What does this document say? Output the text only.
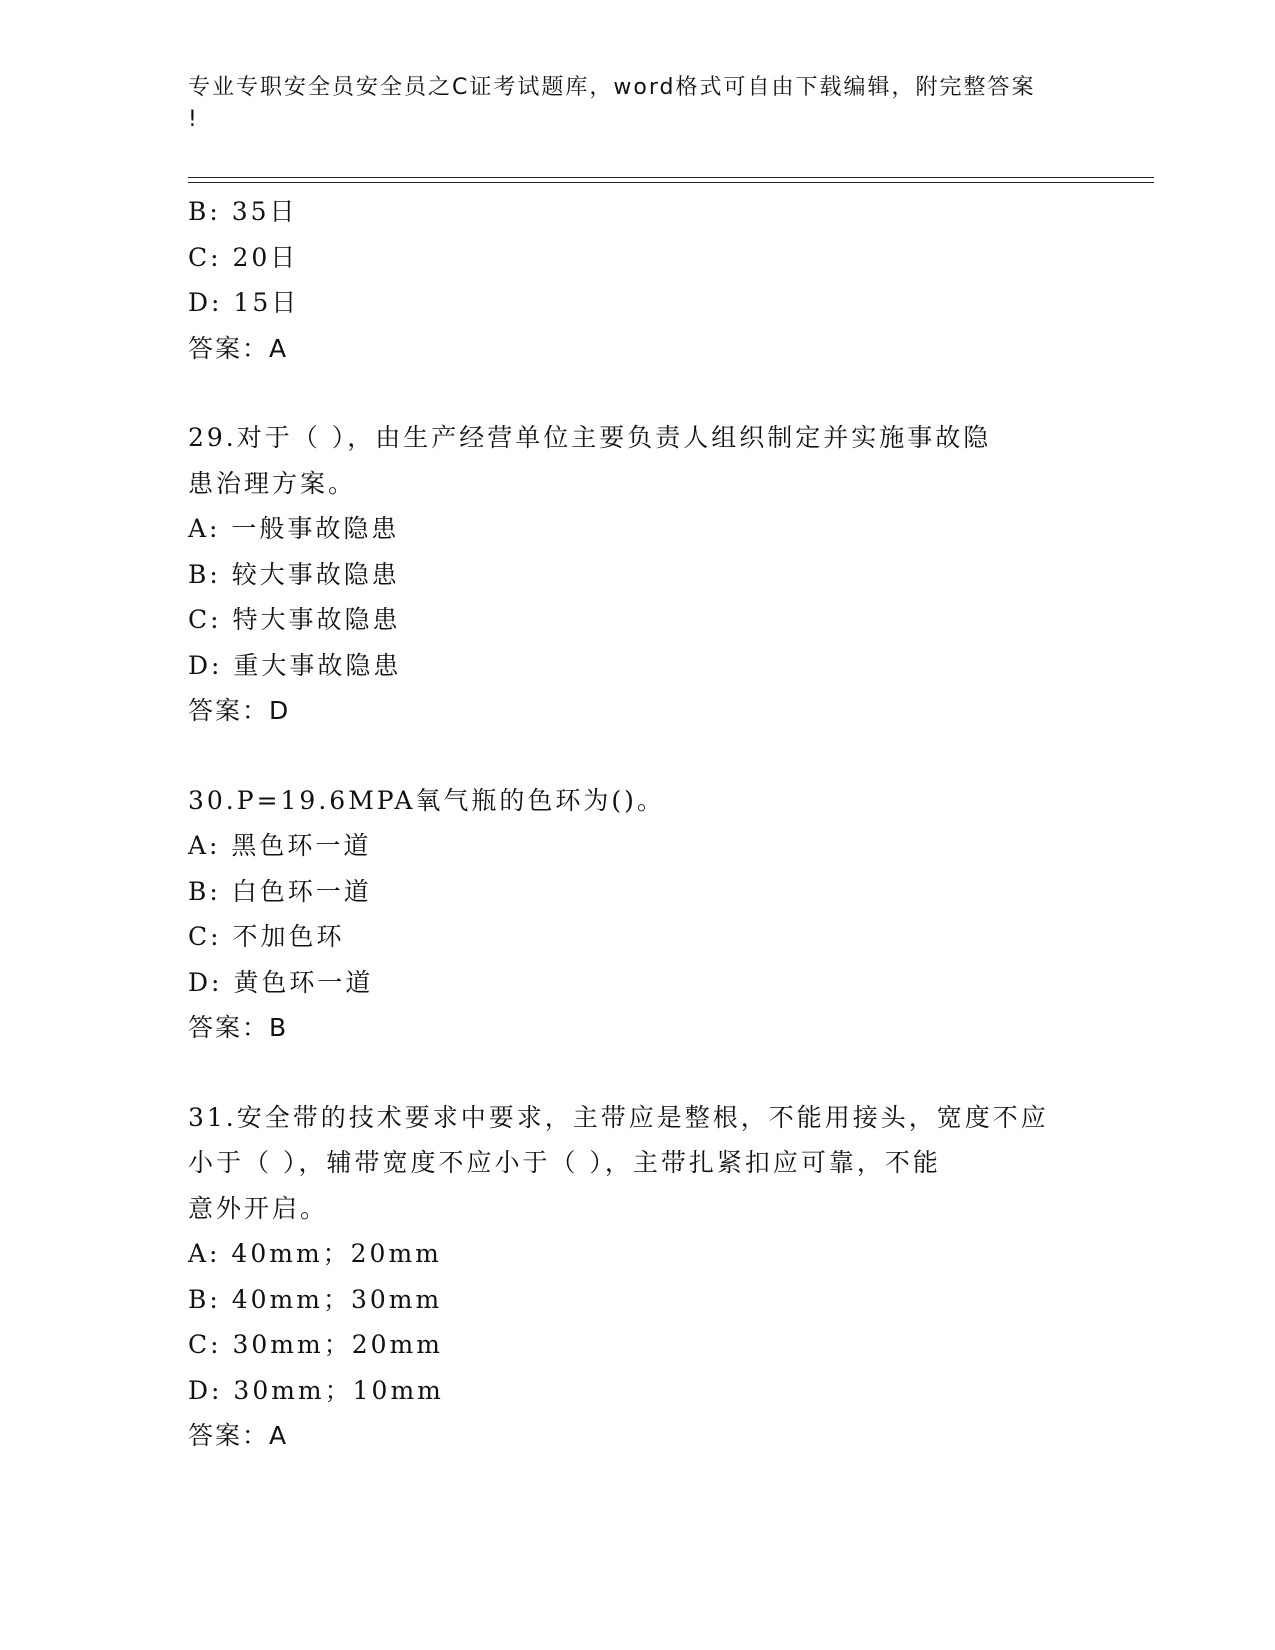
专业专职安全员安全员之C证考试题库，word格式可自由下载编辑，附完整答案
!
B: 35日
C: 20日
D: 15日
答案：A
29.对于（ ），由生产经营单位主要负责人组织制定并实施事故隐
患治理方案。
A: 一般事故隐患
B: 较大事故隐患
C: 特大事故隐患
D: 重大事故隐患
答案：D
30.P=19.6MPA氧气瓶的色环为()。
A: 黑色环一道
B: 白色环一道
C: 不加色环
D: 黄色环一道
答案：B
31.安全带的技术要求中要求，主带应是整根，不能用接头，宽度不应
小于（ ），辅带宽度不应小于（ ），主带扎紧扣应可靠，不能
意外开启。
A: 40mm；20mm
B: 40mm；30mm
C: 30mm；20mm
D: 30mm；10mm
答案：A
